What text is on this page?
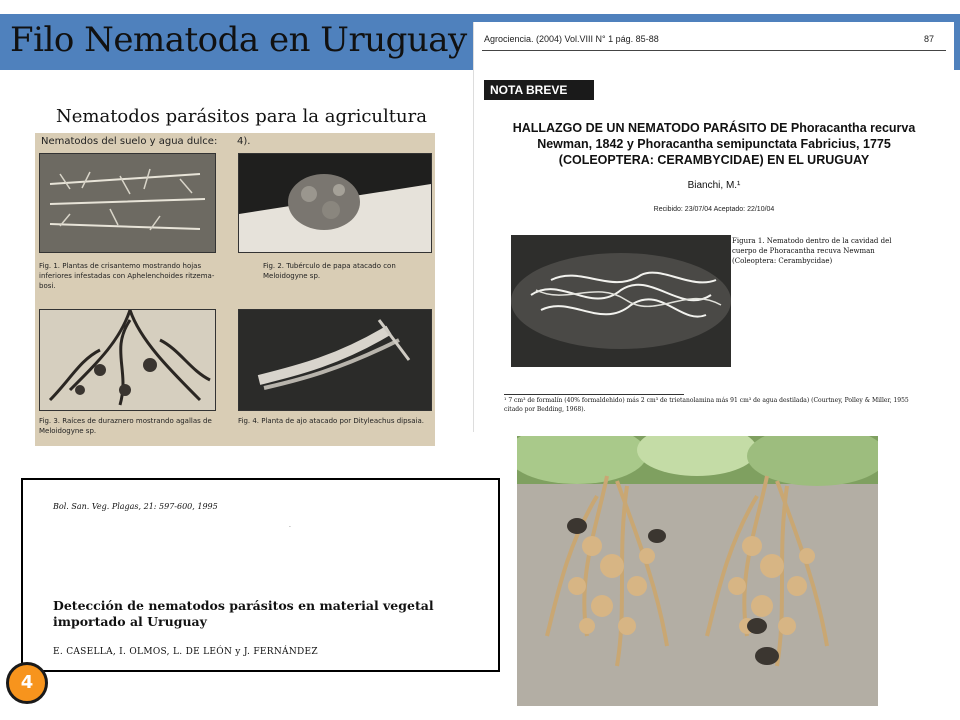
Filo Nematoda en Uruguay
Nematodos parásitos para la agricultura
Nematodos del suelo y agua dulce: 4).
Fig. 1. Plantas de crisantemo mostrando hojas inferiores infestadas con Aphelenchoides ritzema-bosi.
Fig. 2. Tubérculo de papa atacado con Meloidogyne sp.
Fig. 3. Raíces de duraznero mostrando agallas de Meloidogyne sp.
Fig. 4. Planta de ajo atacado por Dityleachus dipsaia.
Agrociencia. (2004) Vol.VIII N° 1 pág. 85-88	87
NOTA BREVE
HALLAZGO DE UN NEMATODO PARÁSITO DE Phoracantha recurva
Newman, 1842 y Phoracantha semipunctata Fabricius, 1775
(COLEOPTERA: CERAMBYCIDAE) EN EL URUGUAY
Bianchi, M.¹
Recibido: 23/07/04 Aceptado: 22/10/04
Figura 1. Nematodo dentro de la cavidad del cuerpo de Phoracantha recuva Newman (Coleoptera: Cerambycidae)
¹ 7 cm³ de formalín (40% formaldehido) más 2 cm³ de trietanolamina más 91 cm³ de agua destilada) (Courtney, Polley & Miller, 1955 citado por Bedding, 1968).
Bol. San. Veg. Plagas, 21: 597-600, 1995
·
Detección de nematodos parásitos en material vegetal importado al Uruguay
E. CASELLA, I. OLMOS, L. DE LEÓN y J. FERNÁNDEZ
4
